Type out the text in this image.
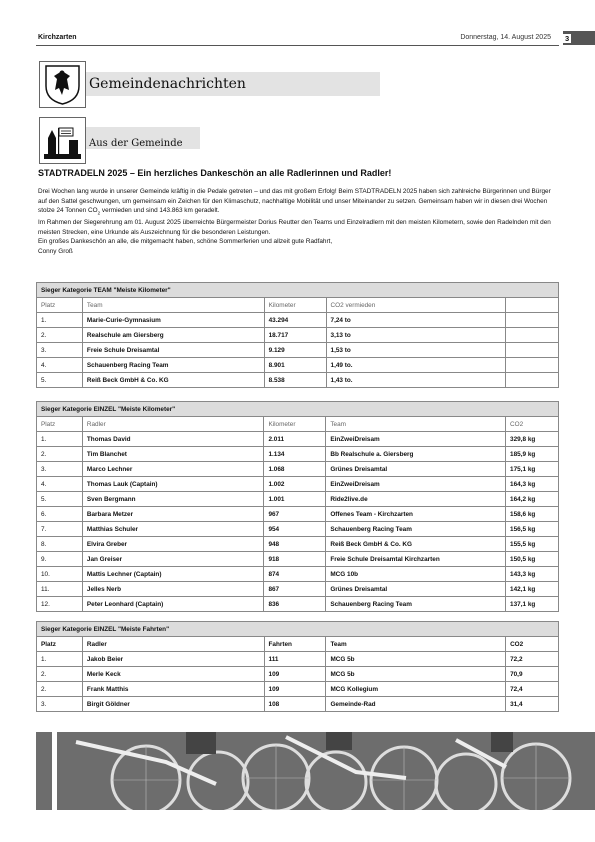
Kirchzarten	Donnerstag, 14. August 2025 3
Gemeindenachrichten
Aus der Gemeinde
STADTRADELN 2025 – Ein herzliches Dankeschön an alle Radlerinnen und Radler!

Drei Wochen lang wurde in unserer Gemeinde kräftig in die Pedale getreten – und das mit großem Erfolg! Beim STADTRADELN 2025 haben sich zahlreiche Bürgerinnen und Bürger auf den Sattel geschwungen, um gemeinsam ein Zeichen für den Klimaschutz, nachhaltige Mobilität und unser Miteinander zu setzen. Gemeinsam haben wir in diesen drei Wochen stolze 24 Tonnen $CO_2$ vermieden und sind 143.863 km geradelt.

Im Rahmen der Siegerehrung am 01. August 2025 überreichte Bürgermeister Dorius Reutter den Teams und Einzelradlern mit den meisten Kilometern, sowie den Radelnden mit den meisten Strecken, eine Urkunde als Auszeichnung für die besonderen Leistungen.

Ein großes Dankeschön an alle, die mitgemacht haben, schöne Sommerferien und allzeit gute Radfahrt,

Conny Groß

Sieger Kategorie TEAM "Meiste Kilometer"				
Platz	Team	Kilometer	CO2 vermieden	
1.	Marie-Curie-Gymnasium	43.294	7,24 to	
2.	Realschule am Giersberg	18.717	3,13 to	
3.	Freie Schule Dreisamtal	9.129	1,53 to	
4.	Schauenberg Racing Team	8.901	1,49 to.	
5.	Reiß Beck GmbH & Co. KG	8.538	1,43 to.	
Sieger Kategorie EINZEL "Meiste Kilometer"				
Platz	Radler	Kilometer	Team	CO2
1.	Thomas David	2.011	EinZweiDreisam	329,8 kg
2.	Tim Blanchet	1.134	Bb Realschule a. Giersberg	185,9 kg
3.	Marco Lechner	1.068	Grünes Dreisamtal	175,1 kg
4.	Thomas Lauk (Captain)	1.002	EinZweiDreisam	164,3 kg
5.	Sven Bergmann	1.001	Ride2live.de	164,2 kg
6.	Barbara Metzer	967	Offenes Team - Kirchzarten	158,6 kg
7.	Matthias Schuler	954	Schauenberg Racing Team	156,5 kg
8.	Elvira Greber	948	Reiß Beck GmbH & Co. KG	155,5 kg
9.	Jan Greiser	918	Freie Schule Dreisamtal Kirchzarten	150,5 kg
10.	Mattis Lechner (Captain)	874	MCG 10b	143,3 kg
11.	Jelles Nerb	867	Grünes Dreisamtal	142,1 kg
12.	Peter Leonhard (Captain)	836	Schauenberg Racing Team	137,1 kg
Sieger Kategorie EINZEL "Meiste Fahrten"				
Platz	Radler	Fahrten	Team	CO2
1.	Jakob Beier	111	MCG 5b	72,2
2.	Merle Keck	109	MCG 5b	70,9
2.	Frank Matthis	109	MCG Kollegium	72,4
3.	Birgit Göldner	108	Gemeinde-Rad	31,4
